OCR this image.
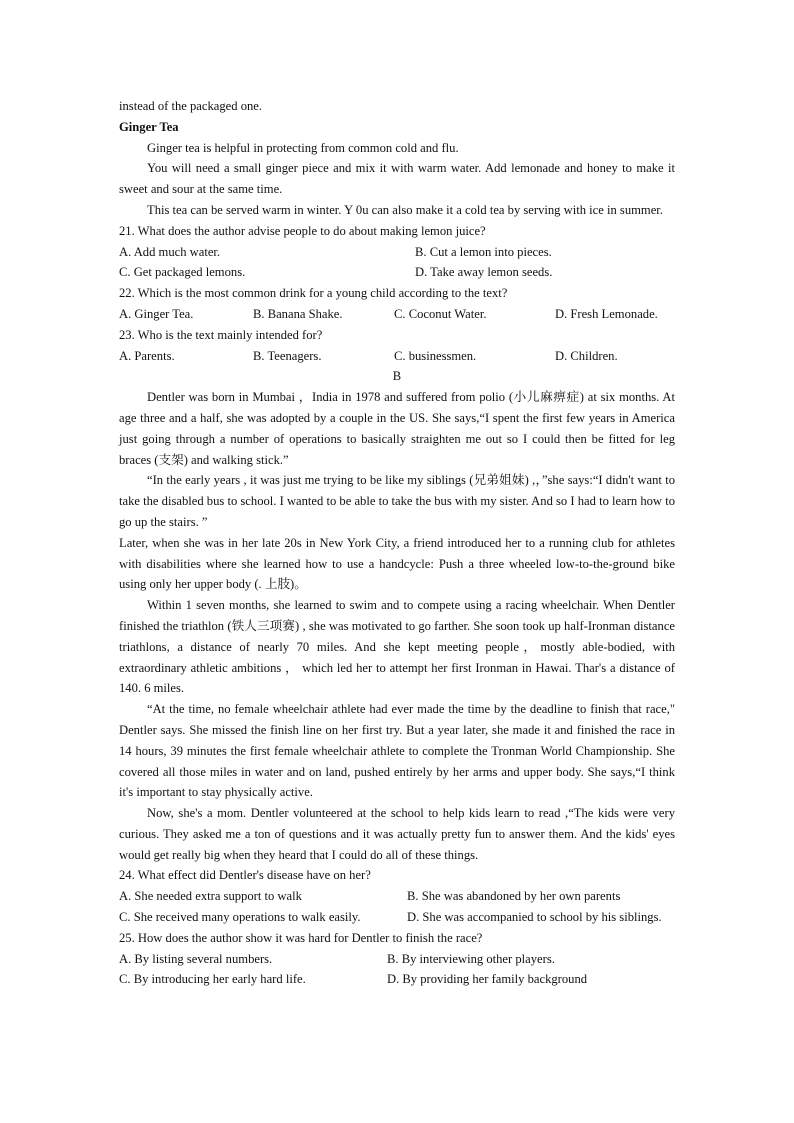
instead of the packaged one.

Ginger Tea

Ginger tea is helpful in protecting from common cold and flu.

You will need a small ginger piece and mix it with warm water. Add lemonade and honey to make it sweet and sour at the same time.

This tea can be served warm in winter. Y 0u can also make it a cold tea by serving with ice in summer.

21. What does the author advise people to do about making lemon juice?

A. Add much water.	B. Cut a lemon into pieces.
C. Get packaged lemons.	D. Take away lemon seeds.

22. Which is the most common drink for a young child according to the text?

A. Ginger Tea.	B. Banana Shake.	C. Coconut Water.	D. Fresh Lemonade.

23. Who is the text mainly intended for?

A. Parents.	B. Teenagers.	C. businessmen.	D. Children.

B

Dentler was born in Mumbai ，India in 1978 and suffered from polio (小儿麻痹症) at six months. At age three and a half, she was adopted by a couple in the US. She says,“I spent the first few years in America just going through a number of operations to basically straighten me out so I could then be fitted for leg braces (支架) and walking stick.”

“In the early years , it was just me trying to be like my siblings (兄弟姐妹) ,，”she says:“I didn't want to take the disabled bus to school. I wanted to be able to take the bus with my sister. And so I had to learn how to go up the stairs. ”

Later, when she was in her late 20s in New York City, a friend introduced her to a running club for athletes with disabilities where she learned how to use a handcycle: Push a three wheeled low-to-the-ground bike using only her upper body (. 上肢)。

Within 1 seven months, she learned to swim and to compete using a racing wheelchair. When Dentler finished the triathlon (铁人三项赛) , she was motivated to go farther. She soon took up half-Ironman distance triathlons, a distance of nearly 70 miles. And she kept meeting people，mostly able-bodied, with extraordinary athletic ambitions ， which led her to attempt her first Ironman in Hawai. Thar's a distance of 140. 6 miles.

“At the time, no female wheelchair athlete had ever made the time by the deadline to finish that race," Dentler says. She missed the finish line on her first try. But a year later, she made it and finished the race in 14 hours, 39 minutes the first female wheelchair athlete to complete the Tronman World Championship. She covered all those miles in water and on land, pushed entirely by her arms and upper body. She says,“I think it's important to stay physically active.

Now, she's a mom. Dentler volunteered at the school to help kids learn to read ,“The kids were very curious. They asked me a ton of questions and it was actually pretty fun to answer them. And the kids' eyes would get really big when they heard that I could do all of these things.

24. What effect did Dentler's disease have on her?

A. She needed extra support to walk	B. She was abandoned by her own parents
C. She received many operations to walk easily.	D. She was accompanied to school by his siblings.

25. How does the author show it was hard for Dentler to finish the race?

A. By listing several numbers.	B. By interviewing other players.
C. By introducing her early hard life.	D. By providing her family background
